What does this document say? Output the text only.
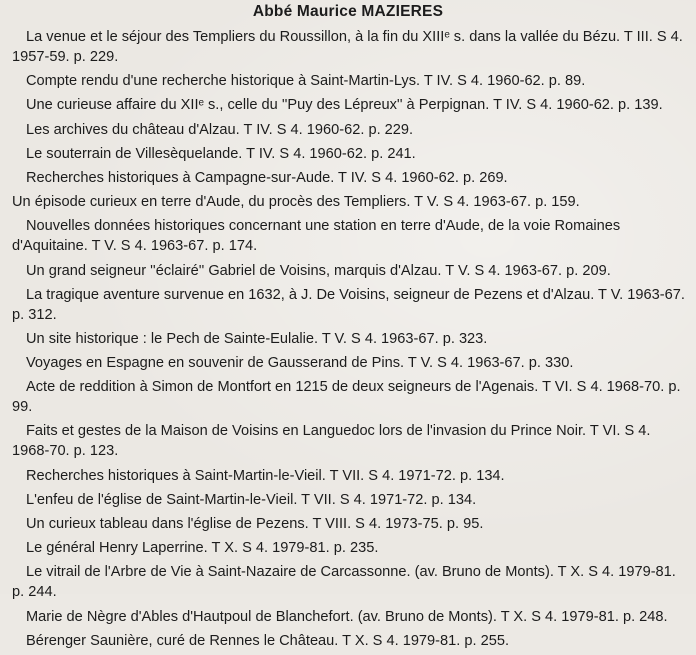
Abbé Maurice MAZIERES

La venue et le séjour des Templiers du Roussillon, à la fin du XIIIᵉ s. dans la vallée du Bézu. T III. S 4. 1957-59. p. 229.

Compte rendu d'une recherche historique à Saint-Martin-Lys. T IV. S 4. 1960-62. p. 89.

Une curieuse affaire du XIIᵉ s., celle du ''Puy des Lépreux'' à Perpignan. T IV. S 4. 1960-62. p. 139.

Les archives du château d'Alzau. T IV. S 4. 1960-62. p. 229.

Le souterrain de Villesèquelande. T IV. S 4. 1960-62. p. 241.

Recherches historiques à Campagne-sur-Aude. T IV. S 4. 1960-62. p. 269.

Un épisode curieux en terre d'Aude, du procès des Templiers. T V. S 4. 1963-67. p. 159.

Nouvelles données historiques concernant une station en terre d'Aude, de la voie Romaines d'Aquitaine. T V. S 4. 1963-67. p. 174.

Un grand seigneur ''éclairé'' Gabriel de Voisins, marquis d'Alzau. T V. S 4. 1963-67. p. 209.

La tragique aventure survenue en 1632, à J. De Voisins, seigneur de Pezens et d'Alzau. T V. 1963-67. p. 312.

Un site historique : le Pech de Sainte-Eulalie. T V. S 4. 1963-67. p. 323.

Voyages en Espagne en souvenir de Gausserand de Pins. T V. S 4. 1963-67. p. 330.

Acte de reddition à Simon de Montfort en 1215 de deux seigneurs de l'Agenais. T VI. S 4. 1968-70. p. 99.

Faits et gestes de la Maison de Voisins en Languedoc lors de l'invasion du Prince Noir. T VI. S 4. 1968-70. p. 123.

Recherches historiques à Saint-Martin-le-Vieil. T VII. S 4. 1971-72. p. 134.

L'enfeu de l'église de Saint-Martin-le-Vieil. T VII. S 4. 1971-72. p. 134.

Un curieux tableau dans l'église de Pezens. T VIII. S 4. 1973-75. p. 95.

Le général Henry Laperrine. T X. S 4. 1979-81. p. 235.

Le vitrail de l'Arbre de Vie à Saint-Nazaire de Carcassonne. (av. Bruno de Monts). T X. S 4. 1979-81. p. 244.

Marie de Nègre d'Ables d'Hautpoul de Blanchefort. (av. Bruno de Monts). T X. S 4. 1979-81. p. 248.

Bérenger Saunière, curé de Rennes le Château. T X. S 4. 1979-81. p. 255.
